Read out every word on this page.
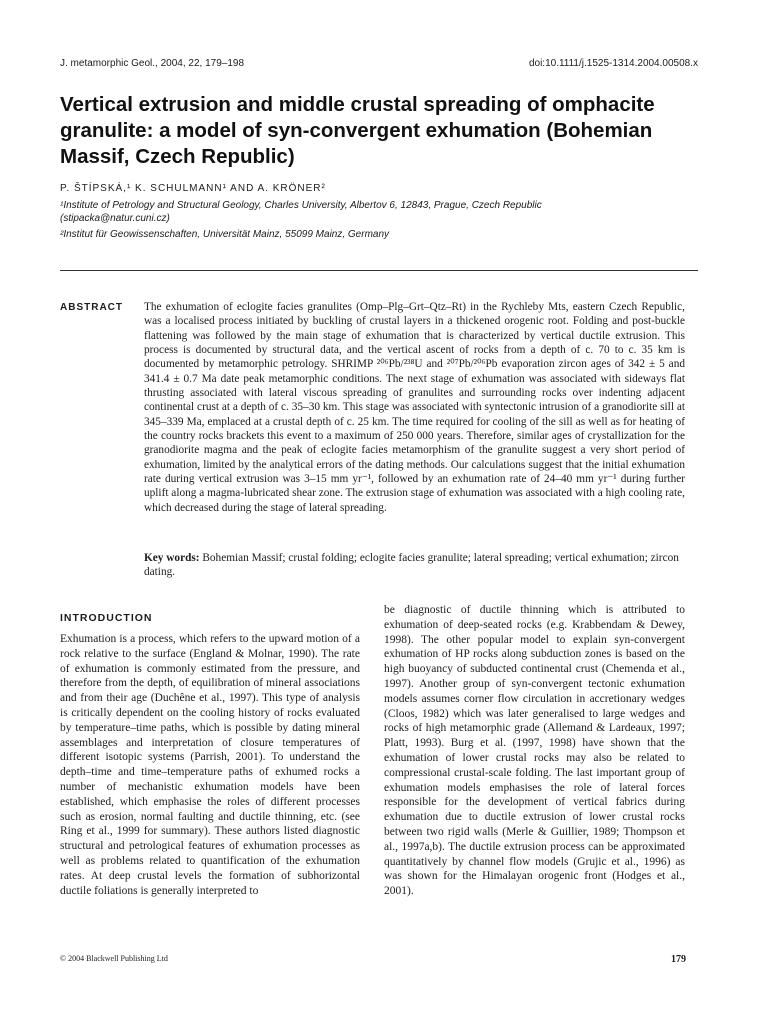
J. metamorphic Geol., 2004, 22, 179–198	doi:10.1111/j.1525-1314.2004.00508.x
Vertical extrusion and middle crustal spreading of omphacite granulite: a model of syn-convergent exhumation (Bohemian Massif, Czech Republic)
P. ŠTÍPSKÁ,¹ K. SCHULMANN¹ AND A. KRÖNER²
¹Institute of Petrology and Structural Geology, Charles University, Albertov 6, 12843, Prague, Czech Republic
(stipacka@natur.cuni.cz)
²Institut für Geowissenschaften, Universität Mainz, 55099 Mainz, Germany
ABSTRACT The exhumation of eclogite facies granulites (Omp–Plg–Grt–Qtz–Rt) in the Rychleby Mts, eastern Czech Republic, was a localised process initiated by buckling of crustal layers in a thickened orogenic root. Folding and post-buckle flattening was followed by the main stage of exhumation that is characterized by vertical ductile extrusion. This process is documented by structural data, and the vertical ascent of rocks from a depth of c. 70 to c. 35 km is documented by metamorphic petrology. SHRIMP ²⁰⁶Pb/²³⁸U and ²⁰⁷Pb/²⁰⁶Pb evaporation zircon ages of 342 ± 5 and 341.4 ± 0.7 Ma date peak metamorphic conditions. The next stage of exhumation was associated with sideways flat thrusting associated with lateral viscous spreading of granulites and surrounding rocks over indenting adjacent continental crust at a depth of c. 35–30 km. This stage was associated with syntectonic intrusion of a granodiorite sill at 345–339 Ma, emplaced at a crustal depth of c. 25 km. The time required for cooling of the sill as well as for heating of the country rocks brackets this event to a maximum of 250 000 years. Therefore, similar ages of crystallization for the granodiorite magma and the peak of eclogite facies metamorphism of the granulite suggest a very short period of exhumation, limited by the analytical errors of the dating methods. Our calculations suggest that the initial exhumation rate during vertical extrusion was 3–15 mm yr⁻¹, followed by an exhumation rate of 24–40 mm yr⁻¹ during further uplift along a magma-lubricated shear zone. The extrusion stage of exhumation was associated with a high cooling rate, which decreased during the stage of lateral spreading.

Key words: Bohemian Massif; crustal folding; eclogite facies granulite; lateral spreading; vertical exhumation; zircon dating.

INTRODUCTION

Exhumation is a process, which refers to the upward motion of a rock relative to the surface (England & Molnar, 1990). The rate of exhumation is commonly estimated from the pressure, and therefore from the depth, of equilibration of mineral associations and from their age (Duchêne et al., 1997). This type of analysis is critically dependent on the cooling history of rocks evaluated by temperature–time paths, which is possible by dating mineral assemblages and interpretation of closure temperatures of different isotopic systems (Parrish, 2001). To understand the depth–time and time–temperature paths of exhumed rocks a number of mechanistic exhumation models have been established, which emphasise the roles of different processes such as erosion, normal faulting and ductile thinning, etc. (see Ring et al., 1999 for summary). These authors listed diagnostic structural and petrological features of exhumation processes as well as problems related to quantification of the exhumation rates. At deep crustal levels the formation of subhorizontal ductile foliations is generally interpreted to

be diagnostic of ductile thinning which is attributed to exhumation of deep-seated rocks (e.g. Krabbendam & Dewey, 1998). The other popular model to explain syn-convergent exhumation of HP rocks along subduction zones is based on the high buoyancy of subducted continental crust (Chemenda et al., 1997). Another group of syn-convergent tectonic exhumation models assumes corner flow circulation in accretionary wedges (Cloos, 1982) which was later generalised to large wedges and rocks of high metamorphic grade (Allemand & Lardeaux, 1997; Platt, 1993). Burg et al. (1997, 1998) have shown that the exhumation of lower crustal rocks may also be related to compressional crustal-scale folding. The last important group of exhumation models emphasises the role of lateral forces responsible for the development of vertical fabrics during exhumation due to ductile extrusion of lower crustal rocks between two rigid walls (Merle & Guillier, 1989; Thompson et al., 1997a,b). The ductile extrusion process can be approximated quantitatively by channel flow models (Grujic et al., 1996) as was shown for the Himalayan orogenic front (Hodges et al., 2001).

© 2004 Blackwell Publishing Ltd	179
